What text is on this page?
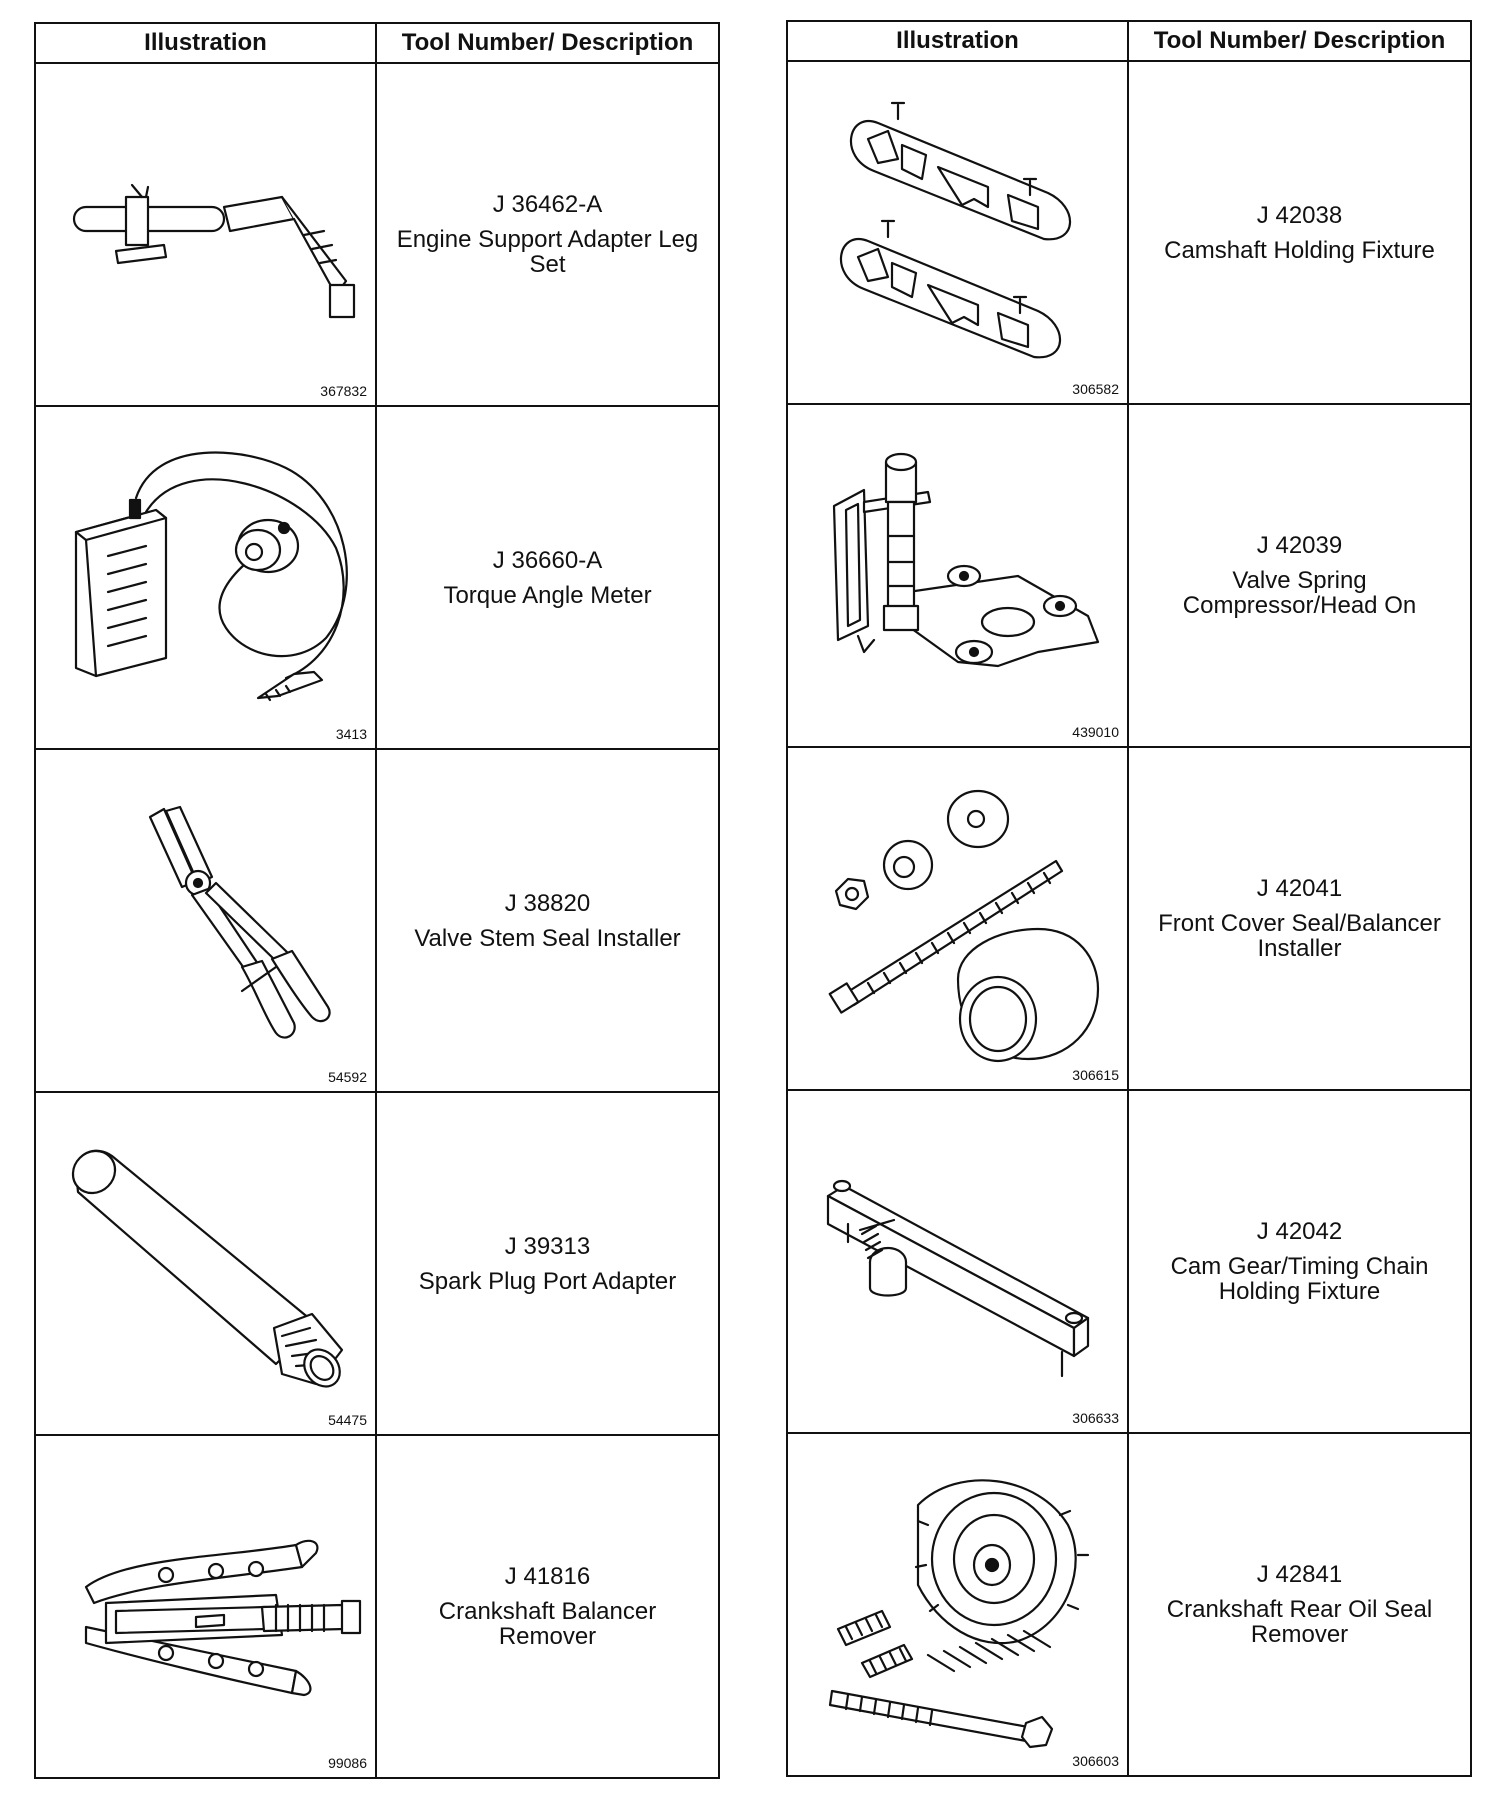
Illustration	Tool Number/ Description

367832	J 36462-A
Engine Support Adapter Leg Set

3413	J 36660-A
Torque Angle Meter

54592	J 38820
Valve Stem Seal Installer

54475	J 39313
Spark Plug Port Adapter

99086	J 41816
Crankshaft Balancer Remover
Illustration	Tool Number/ Description

306582	J 42038
Camshaft Holding Fixture

439010	J 42039
Valve Spring Compressor/Head On

306615	J 42041
Front Cover Seal/Balancer Installer

306633	J 42042
Cam Gear/Timing Chain Holding Fixture

306603	J 42841
Crankshaft Rear Oil Seal Remover
